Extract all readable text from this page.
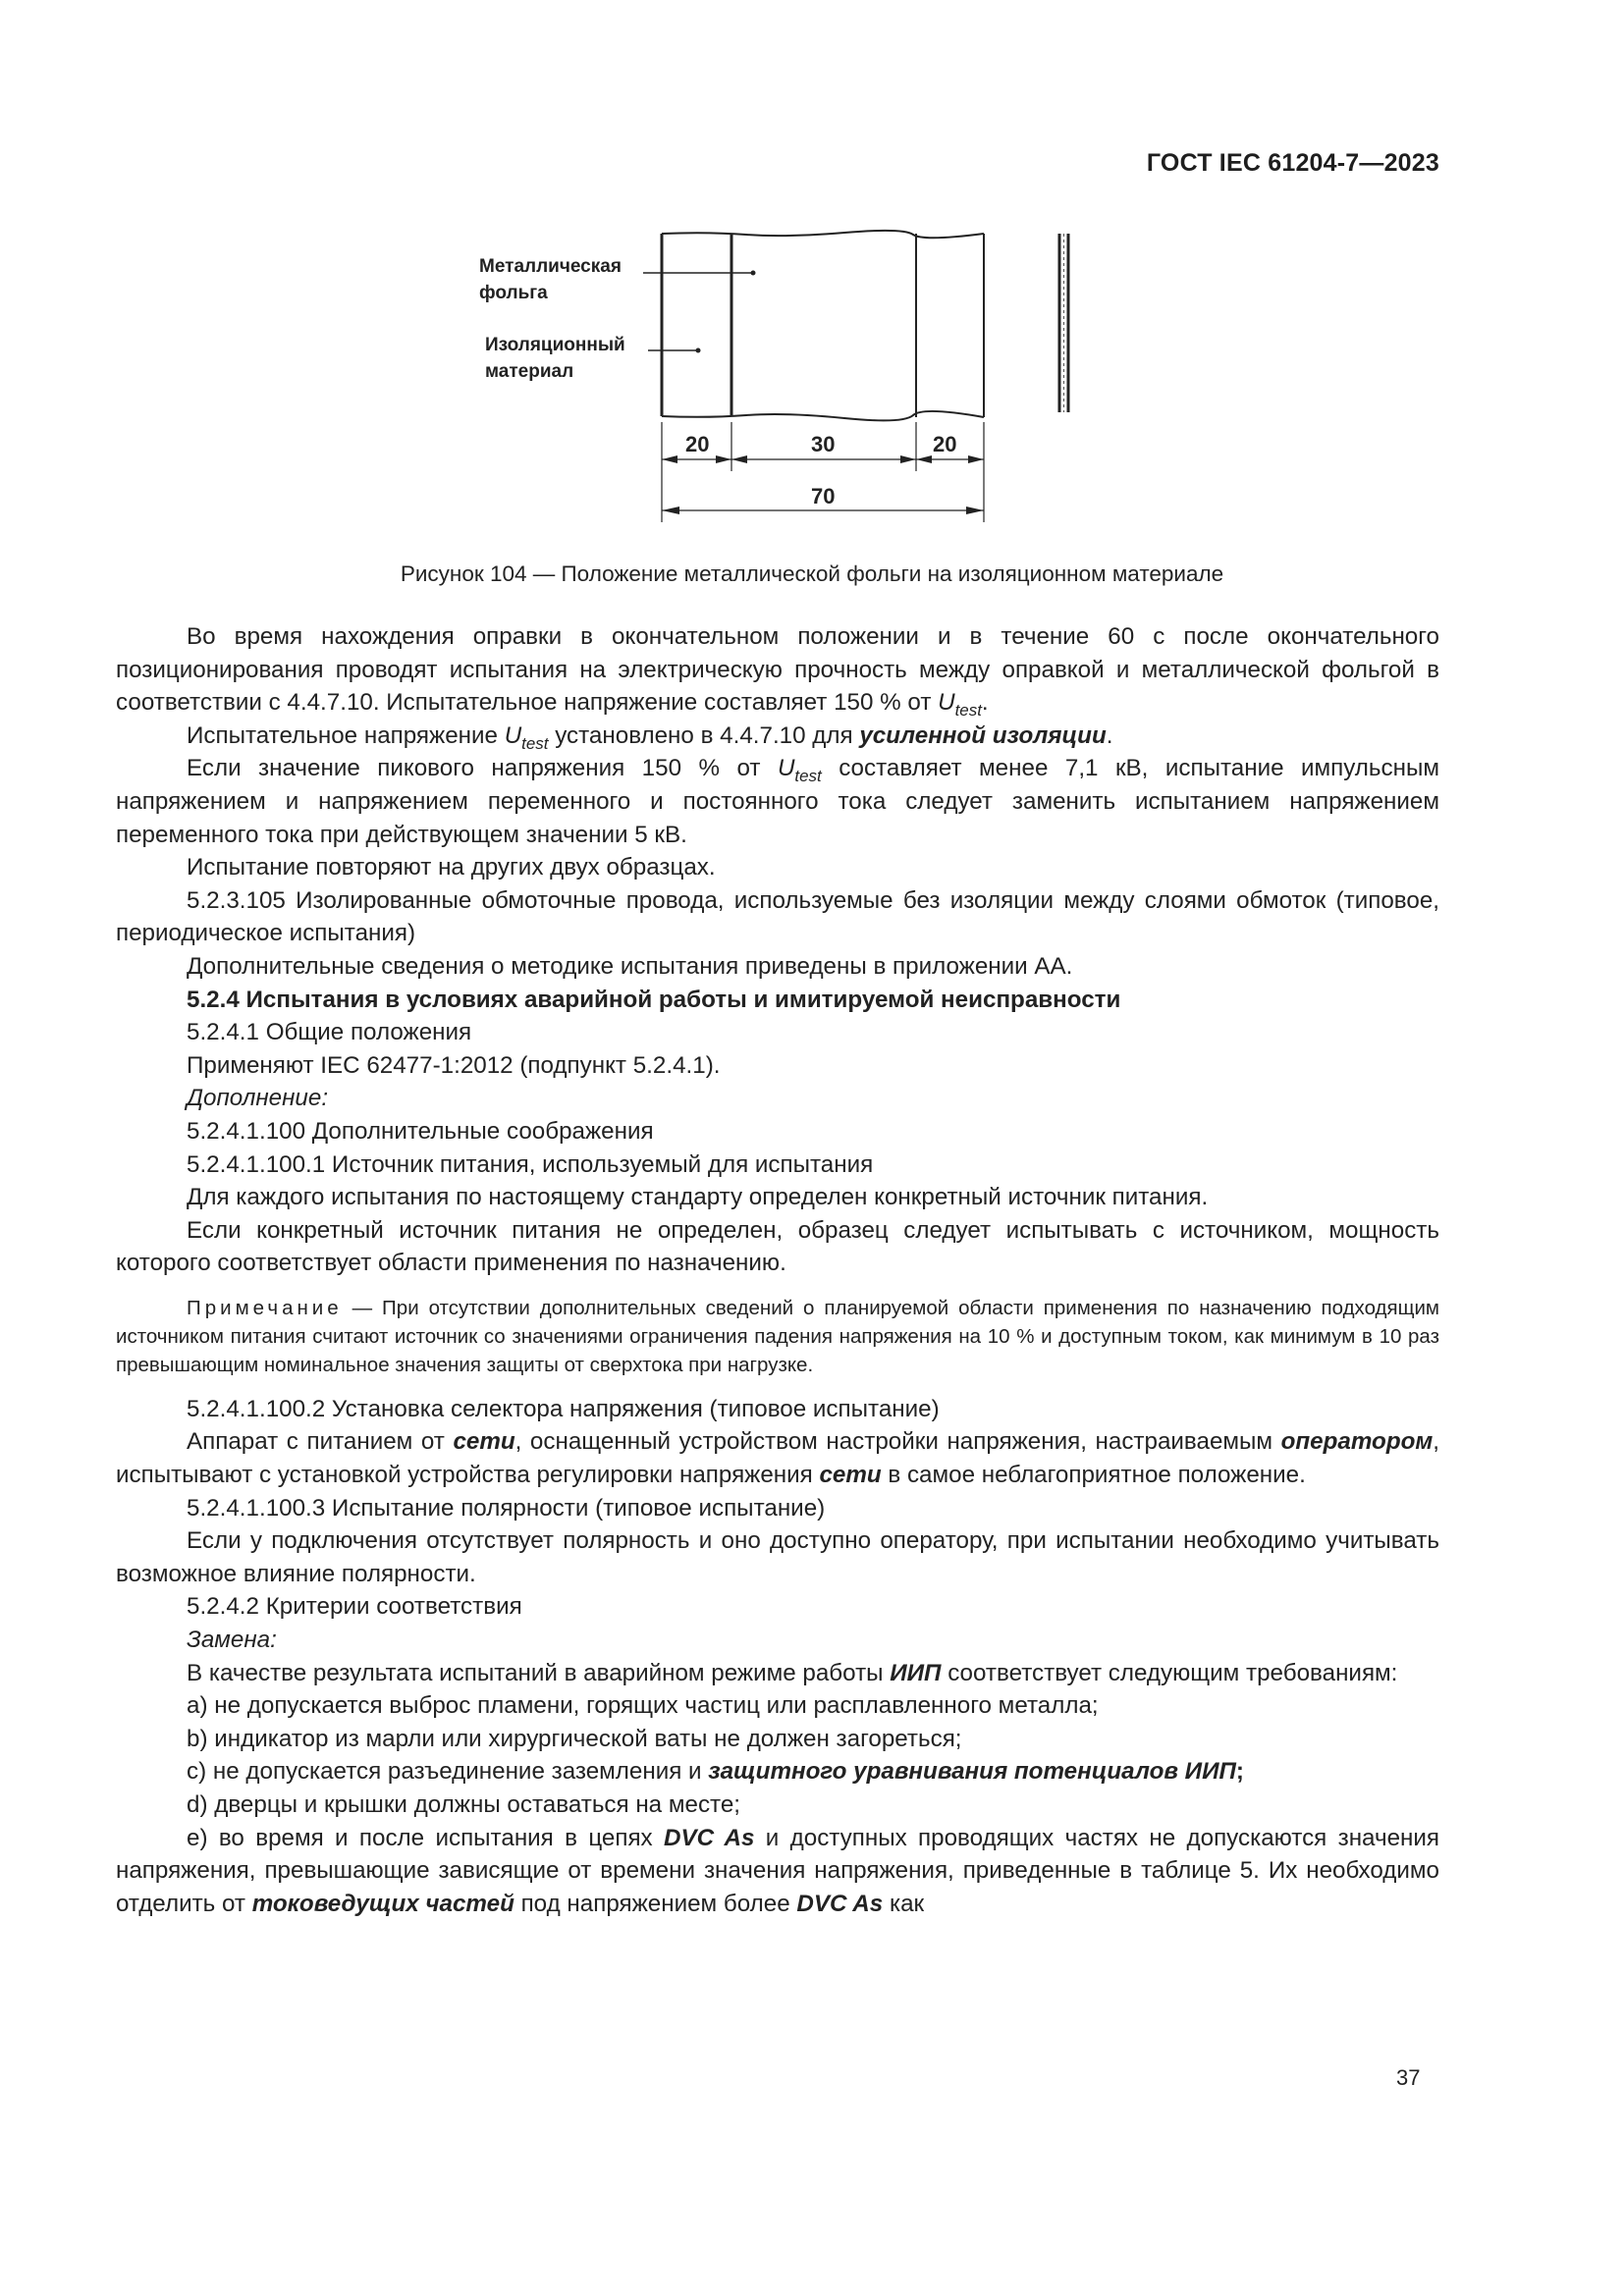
ГОСТ IEC 61204-7—2023
Металлическая
фольга
Изоляционный
материал
20	30	20
70
Рисунок 104 — Положение металлической фольги на изоляционном материале

Во время нахождения оправки в окончательном положении и в течение 60 с после окончательного позиционирования проводят испытания на электрическую прочность между оправкой и металлической фольгой в соответствии с 4.4.7.10. Испытательное напряжение составляет 150 % от $U_{test}$.

Испытательное напряжение $U_{test}$ установлено в 4.4.7.10 для усиленной изоляции.

Если значение пикового напряжения 150 % от $U_{test}$ составляет менее 7,1 кВ, испытание импульсным напряжением и напряжением переменного и постоянного тока следует заменить испытанием напряжением переменного тока при действующем значении 5 кВ.

Испытание повторяют на других двух образцах.

5.2.3.105 Изолированные обмоточные провода, используемые без изоляции между слоями обмоток (типовое, периодическое испытания)

Дополнительные сведения о методике испытания приведены в приложении АА.

5.2.4 Испытания в условиях аварийной работы и имитируемой неисправности

5.2.4.1 Общие положения

Применяют IEC 62477-1:2012 (подпункт 5.2.4.1).

Дополнение:

5.2.4.1.100 Дополнительные соображения

5.2.4.1.100.1 Источник питания, используемый для испытания

Для каждого испытания по настоящему стандарту определен конкретный источник питания.

Если конкретный источник питания не определен, образец следует испытывать с источником, мощность которого соответствует области применения по назначению.

Примечание — При отсутствии дополнительных сведений о планируемой области применения по назначению подходящим источником питания считают источник со значениями ограничения падения напряжения на 10 % и доступным током, как минимум в 10 раз превышающим номинальное значения защиты от сверхтока при нагрузке.

5.2.4.1.100.2 Установка селектора напряжения (типовое испытание)

Аппарат с питанием от сети, оснащенный устройством настройки напряжения, настраиваемым оператором, испытывают с установкой устройства регулировки напряжения сети в самое неблагоприятное положение.

5.2.4.1.100.3 Испытание полярности (типовое испытание)

Если у подключения отсутствует полярность и оно доступно оператору, при испытании необходимо учитывать возможное влияние полярности.

5.2.4.2 Критерии соответствия

Замена:

В качестве результата испытаний в аварийном режиме работы ИИП соответствует следующим требованиям:

a) не допускается выброс пламени, горящих частиц или расплавленного металла;

b) индикатор из марли или хирургической ваты не должен загореться;

c) не допускается разъединение заземления и защитного уравнивания потенциалов ИИП;

d) дверцы и крышки должны оставаться на месте;

e) во время и после испытания в цепях DVC As и доступных проводящих частях не допускаются значения напряжения, превышающие зависящие от времени значения напряжения, приведенные в таблице 5. Их необходимо отделить от токоведущих частей под напряжением более DVC As как

37
